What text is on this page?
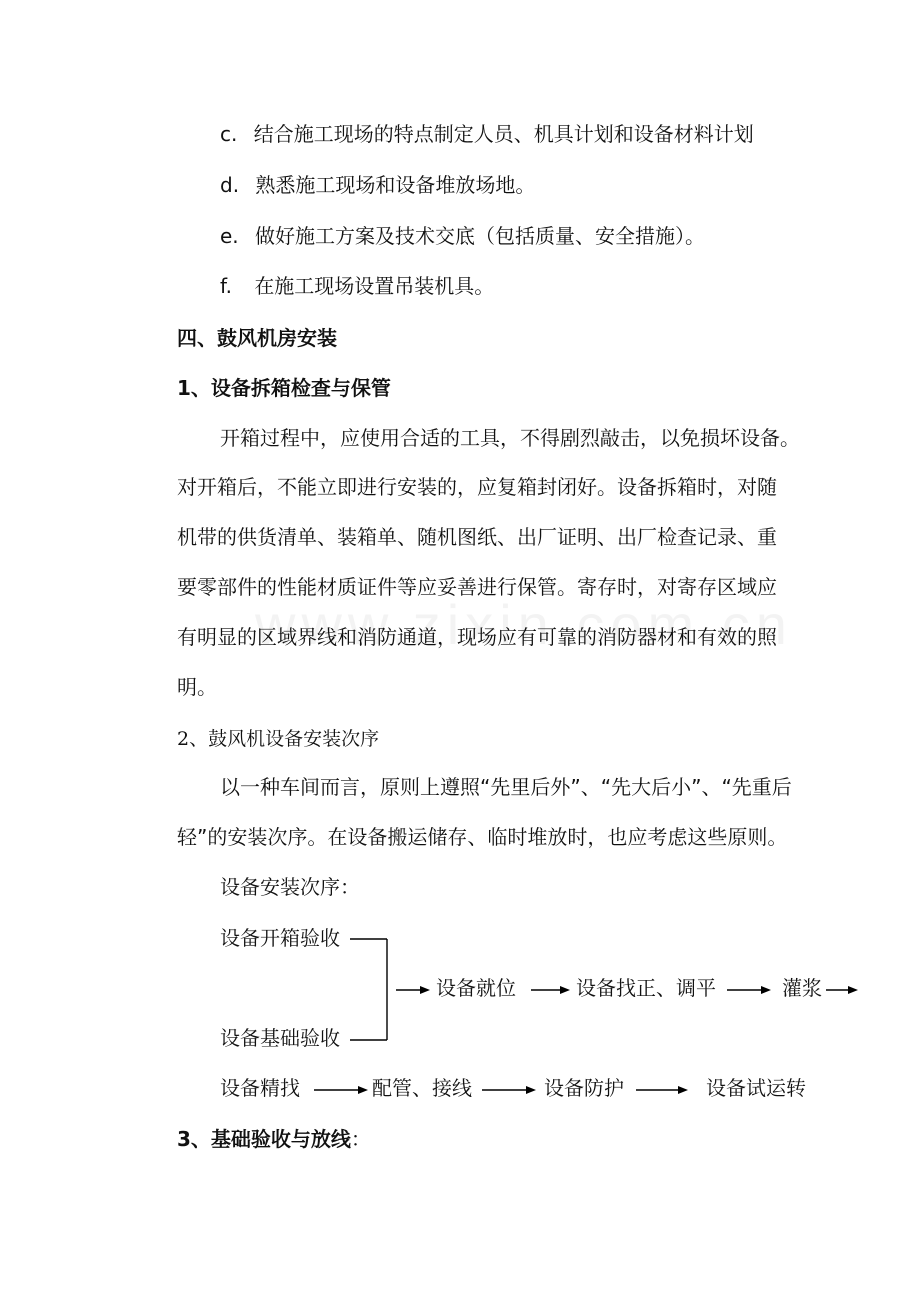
c. 结合施工现场的特点制定人员、机具计划和设备材料计划
d. 熟悉施工现场和设备堆放场地。
e. 做好施工方案及技术交底（包括质量、安全措施）。
f. 在施工现场设置吊装机具。
四、鼓风机房安装
1、设备拆箱检查与保管
开箱过程中，应使用合适的工具，不得剧烈敲击，以免损坏设备。
对开箱后，不能立即进行安装的，应复箱封闭好。设备拆箱时，对随
机带的供货清单、装箱单、随机图纸、出厂证明、出厂检查记录、重
要零部件的性能材质证件等应妥善进行保管。寄存时，对寄存区域应
有明显的区域界线和消防通道，现场应有可靠的消防器材和有效的照
明。
2、鼓风机设备安装次序
以一种车间而言，原则上遵照“先里后外”、“先大后小”、“先重后
轻”的安装次序。在设备搬运储存、临时堆放时，也应考虑这些原则。
设备安装次序：
设备开箱验收
设备基础验收
设备就位	设备找正、调平	灌浆
设备精找	配管、接线	设备防护	设备试运转
3、基础验收与放线：
